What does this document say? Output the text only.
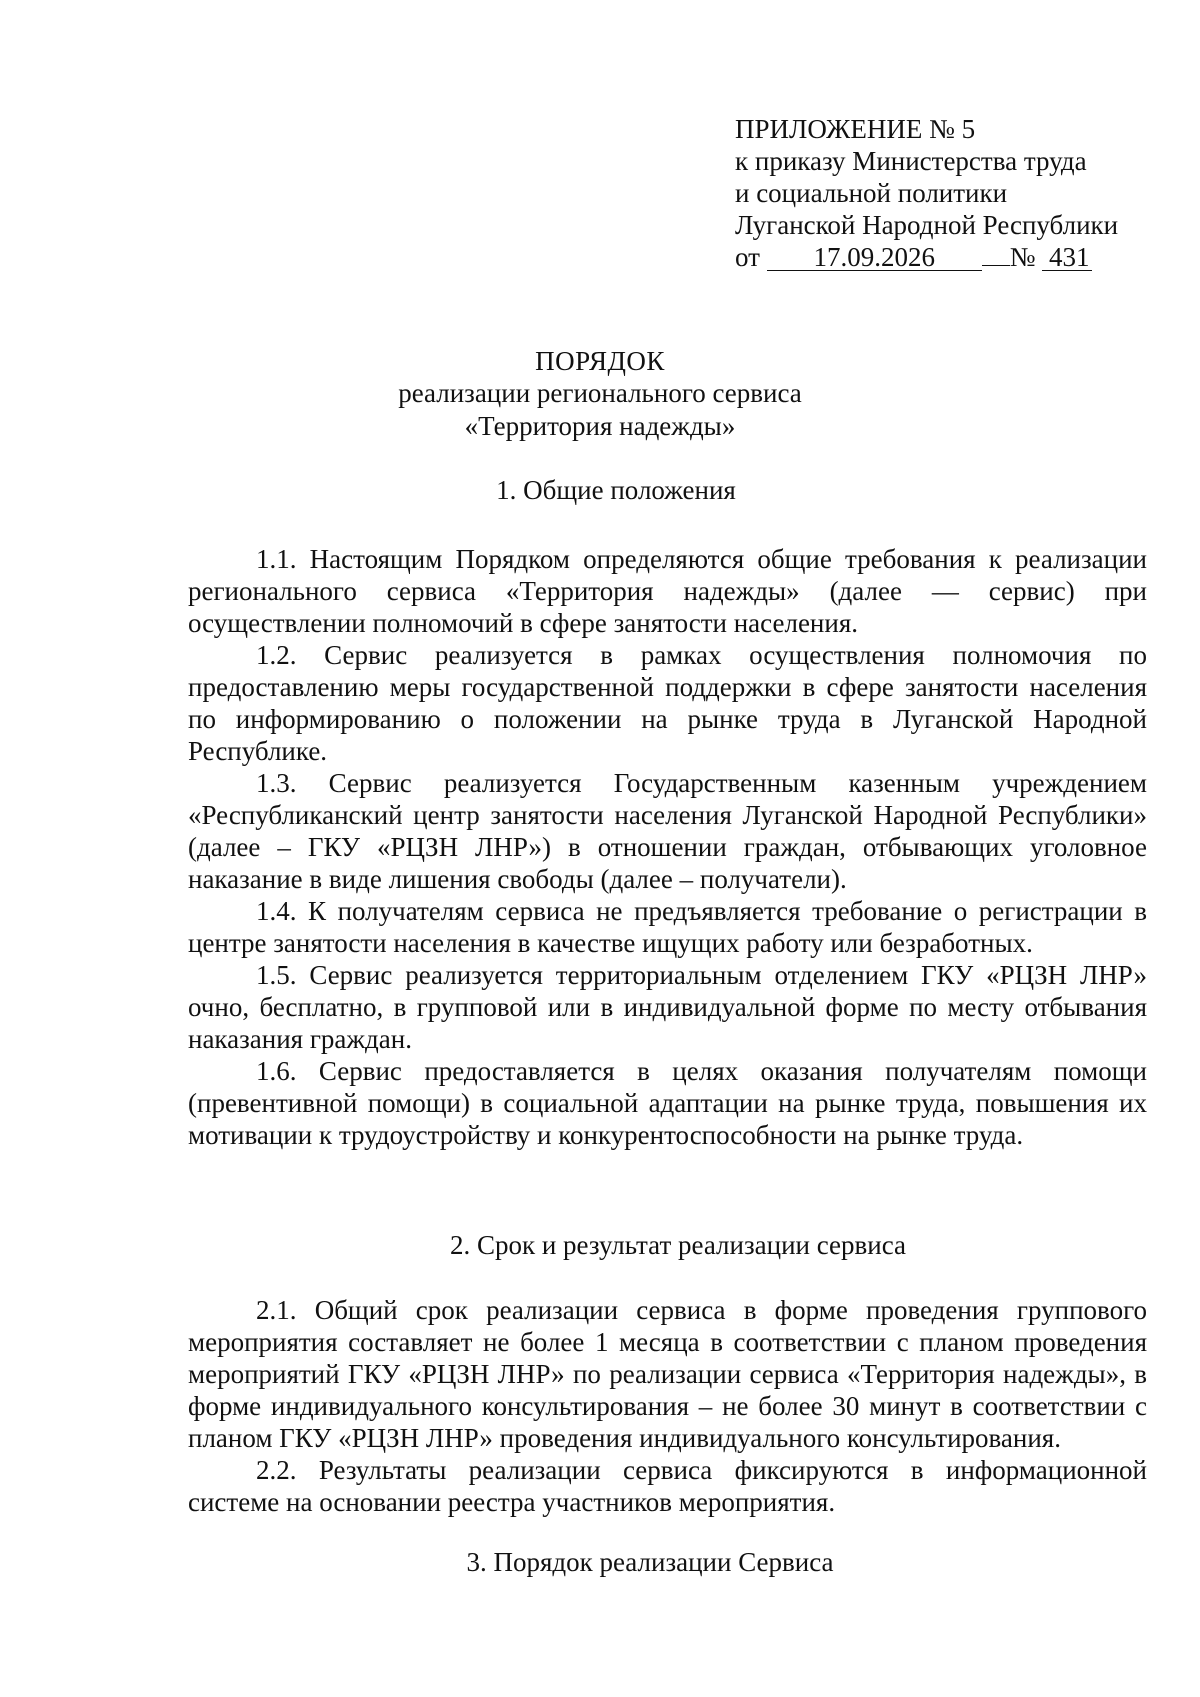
ПРИЛОЖЕНИЕ № 5
к приказу Министерства труда
и социальной политики
Луганской Народной Республики
от 17.09.2026	№ 431
ПОРЯДОК
реализации регионального сервиса
«Территория надежды»
1. Общие положения

1.1. Настоящим Порядком определяются общие требования к реализации регионального сервиса «Территория надежды» (далее — сервис) при осуществлении полномочий в сфере занятости населения.

1.2. Сервис реализуется в рамках осуществления полномочия по предоставлению меры государственной поддержки в сфере занятости населения по информированию о положении на рынке труда в Луганской Народной Республике.

1.3. Сервис реализуется Государственным казенным учреждением «Республиканский центр занятости населения Луганской Народной Республики» (далее – ГКУ «РЦЗН ЛНР») в отношении граждан, отбывающих уголовное наказание в виде лишения свободы (далее – получатели).

1.4. К получателям сервиса не предъявляется требование о регистрации в центре занятости населения в качестве ищущих работу или безработных.

1.5. Сервис реализуется территориальным отделением ГКУ «РЦЗН ЛНР» очно, бесплатно, в групповой или в индивидуальной форме по месту отбывания наказания граждан.

1.6. Сервис предоставляется в целях оказания получателям помощи (превентивной помощи) в социальной адаптации на рынке труда, повышения их мотивации к трудоустройству и конкурентоспособности на рынке труда.

2. Срок и результат реализации сервиса

2.1. Общий срок реализации сервиса в форме проведения группового мероприятия составляет не более 1 месяца в соответствии с планом проведения мероприятий ГКУ «РЦЗН ЛНР» по реализации сервиса «Территория надежды», в форме индивидуального консультирования – не более 30 минут в соответствии с планом ГКУ «РЦЗН ЛНР» проведения индивидуального консультирования.

2.2. Результаты реализации сервиса фиксируются в информационной системе на основании реестра участников мероприятия.

3. Порядок реализации Сервиса
